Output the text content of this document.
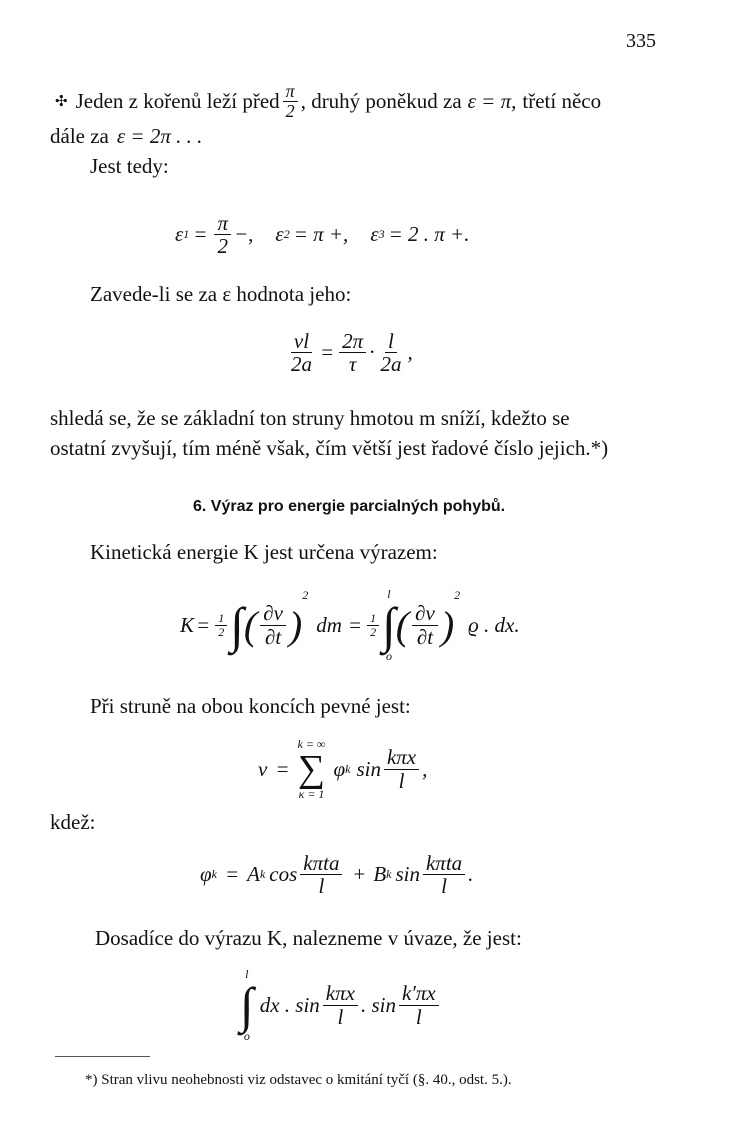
335
✣ Jeden z kořenů leží před $\frac{\pi}{2}$ , druhý poněkud za ε = π, třetí něco
dále za ε = 2π . . .
Jest tedy:
ε $1 = \frac{\pi}{2}$ −, ε 2 = π +, ε 3 = 2 . π +.
Zavede-li se za ε hodnota jeho:
$\frac{\nu l}{2a} = \frac{2\pi}{\tau} \cdot \frac{l}{2a}$ ,
shledá se, že se základní ton struny hmotou m sníží, kdežto se
ostatní zvyšují, tím méně však, čím větší jest řadové číslo jejich.*)
6. Výraz pro energie parcialných pohybů.
Kinetická energie K jest určena výrazem:
$K = \frac{1}{2}$ ∫ ( $\frac{\partial v}{\partial t}$ )
$^2$
dm = $\frac{1}{2}$
l
∫
o
( $\frac{\partial v}{\partial t}$ )
$^2$
ϱ . dx.
Při struně na obou koncích pevné jest:
v =
k = ∞
∑
κ = 1
φ k $\sin \frac{\text{kπx}}{l}$ ,
kdež:
φ k = A k $\cos \frac{\text{kπta}}{l} + B$ k $\sin \frac{\text{kπta}}{l}$ .
Dosadíce do výrazu K, nalezneme v úvaze, že jest:
l
∫
o
dx . $\sin \frac{\text{kπx}}{l}$ . $\sin \frac{k'\pi x}{l}$
*) Stran vlivu neohebnosti viz odstavec o kmitání tyčí (§. 40., odst. 5.).
